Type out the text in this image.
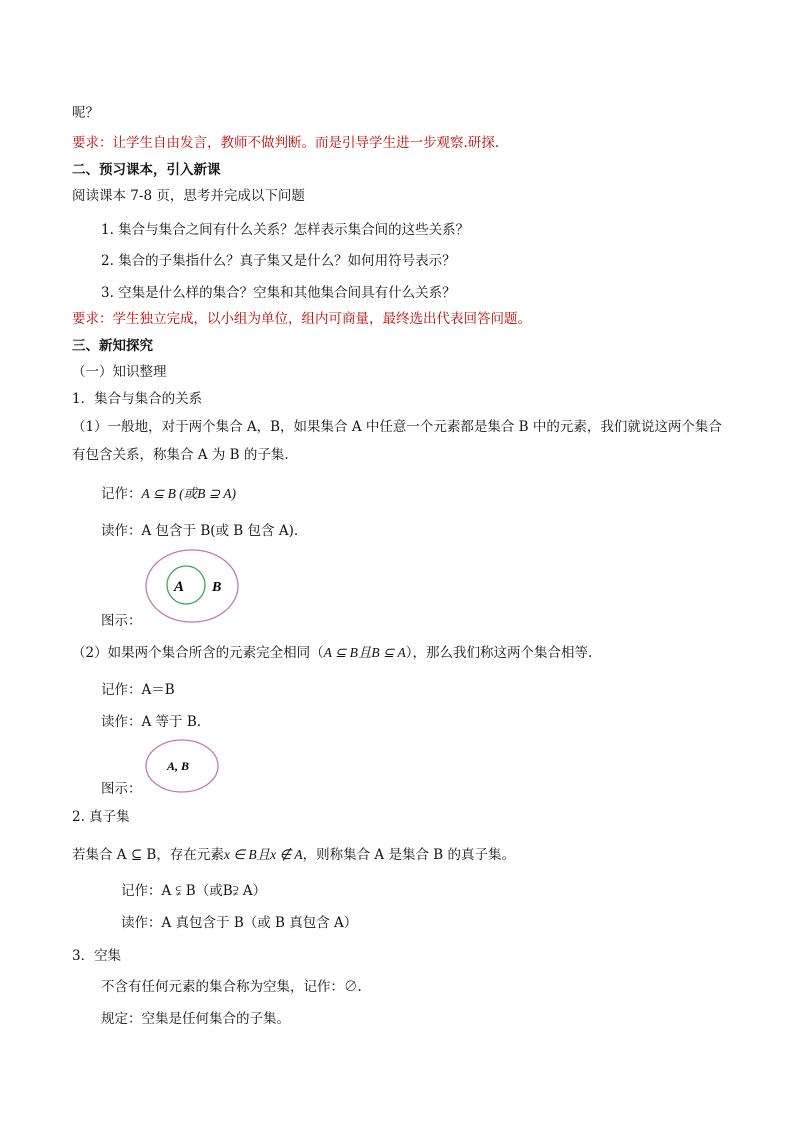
呢？
要求：让学生自由发言，教师不做判断。而是引导学生进一步观察.研探.
二、预习课本，引入新课
阅读课本 7-8 页，思考并完成以下问题
1. 集合与集合之间有什么关系？怎样表示集合间的这些关系？
2. 集合的子集指什么？真子集又是什么？如何用符号表示？
3. 空集是什么样的集合？空集和其他集合间具有什么关系？
要求：学生独立完成，以小组为单位，组内可商量，最终选出代表回答问题。
三、新知探究
（一）知识整理
1．集合与集合的关系
（1）一般地，对于两个集合 A，B，如果集合 A 中任意一个元素都是集合 B 中的元素，我们就说这两个集合
有包含关系，称集合 A 为 B 的子集.
记作：A ⊆ B (或B ⊇ A)
读作：A 包含于 B(或 B 包含 A).
A B
图示：
（2）如果两个集合所含的元素完全相同（A ⊆ B且B ⊆ A），那么我们称这两个集合相等.
记作：A＝B
读作：A 等于 B.
A, B
图示：
2. 真子集
若集合 A ⊆ B，存在元素x ∈ B且x ∉ A，则称集合 A 是集合 B 的真子集。
记作：A ⫋ B（或B⫌ A）
读作：A 真包含于 B（或 B 真包含 A）
3．空集
不含有任何元素的集合称为空集，记作：∅.
规定：空集是任何集合的子集。
